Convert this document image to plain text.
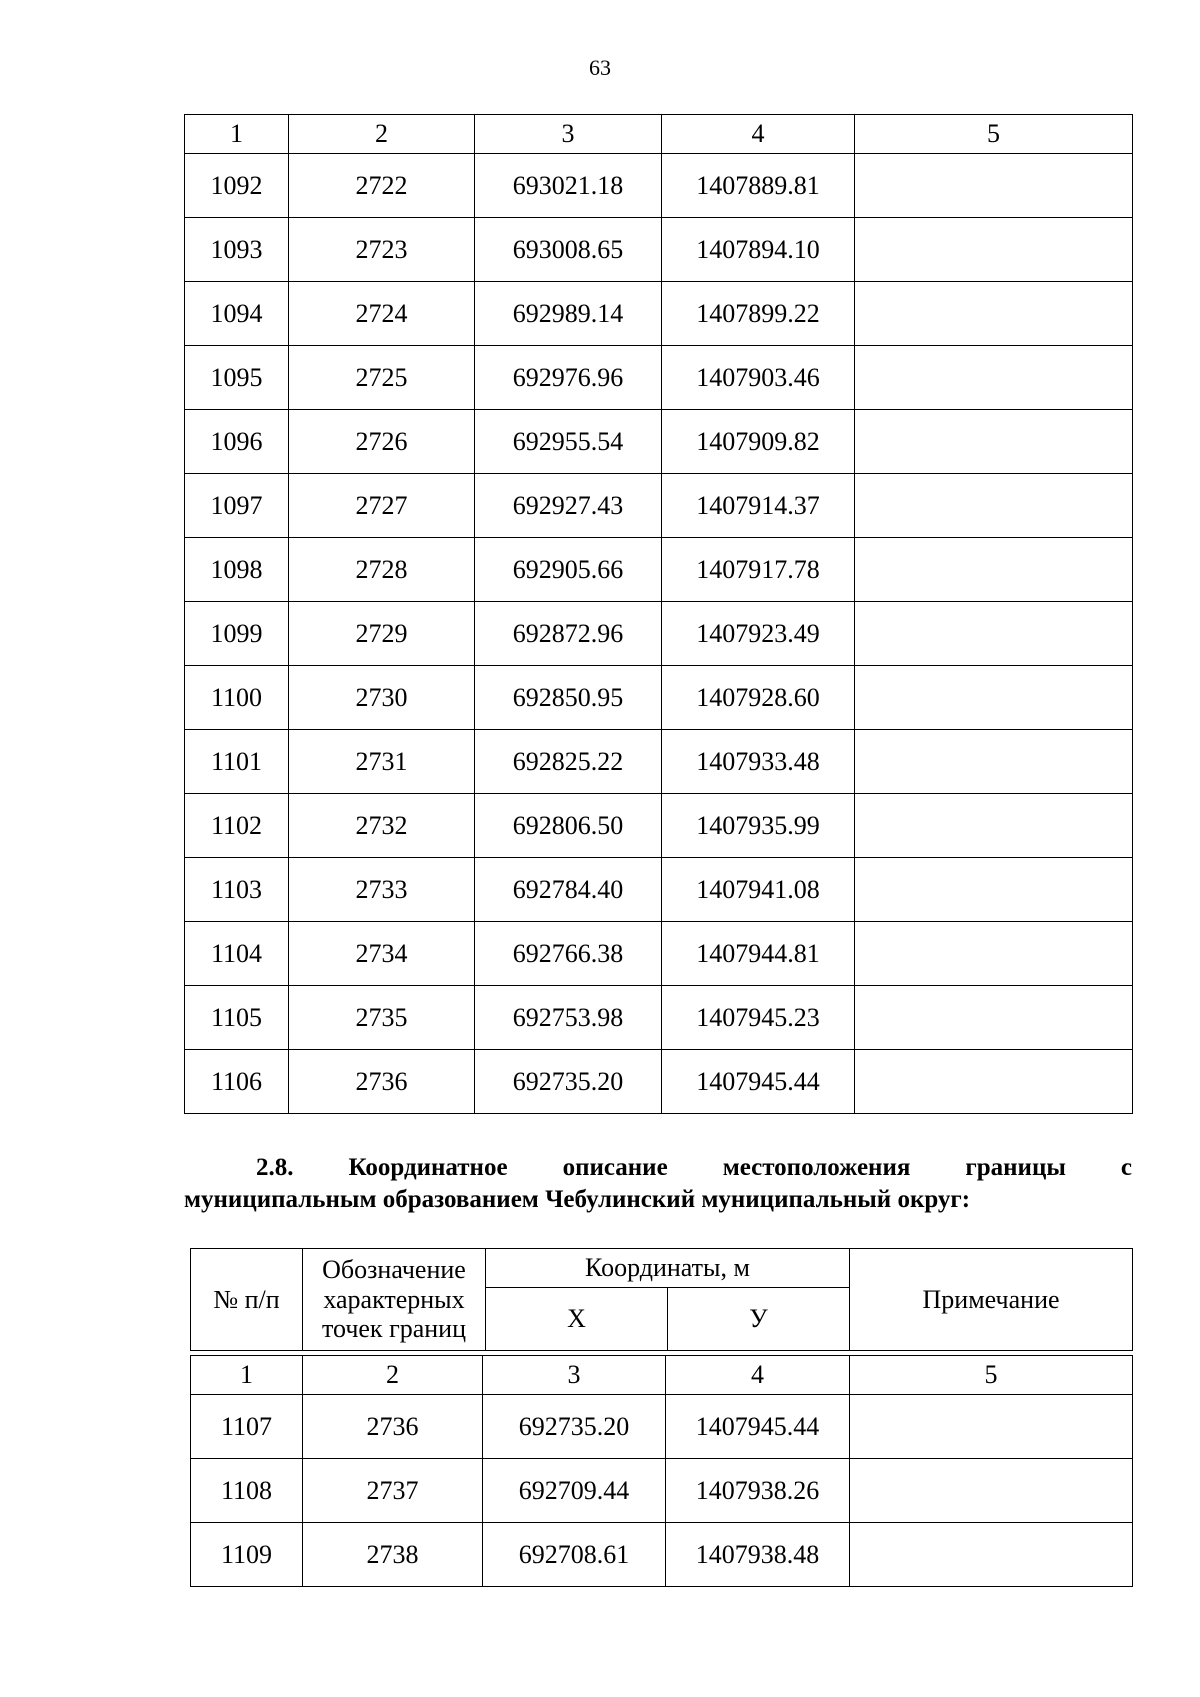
63
1	2	3	4	5
1092	2722	693021.18	1407889.81	
1093	2723	693008.65	1407894.10	
1094	2724	692989.14	1407899.22	
1095	2725	692976.96	1407903.46	
1096	2726	692955.54	1407909.82	
1097	2727	692927.43	1407914.37	
1098	2728	692905.66	1407917.78	
1099	2729	692872.96	1407923.49	
1100	2730	692850.95	1407928.60	
1101	2731	692825.22	1407933.48	
1102	2732	692806.50	1407935.99	
1103	2733	692784.40	1407941.08	
1104	2734	692766.38	1407944.81	
1105	2735	692753.98	1407945.23	
1106	2736	692735.20	1407945.44	
2.8. Координатное описание местоположения границы с
муниципальным образованием Чебулинский муниципальный округ:
№ п/п	Обозначение характерных точек границ	Координаты, м		Примечание
		X	У	
1	2	3	4	5
1107	2736	692735.20	1407945.44	
1108	2737	692709.44	1407938.26	
1109	2738	692708.61	1407938.48	
